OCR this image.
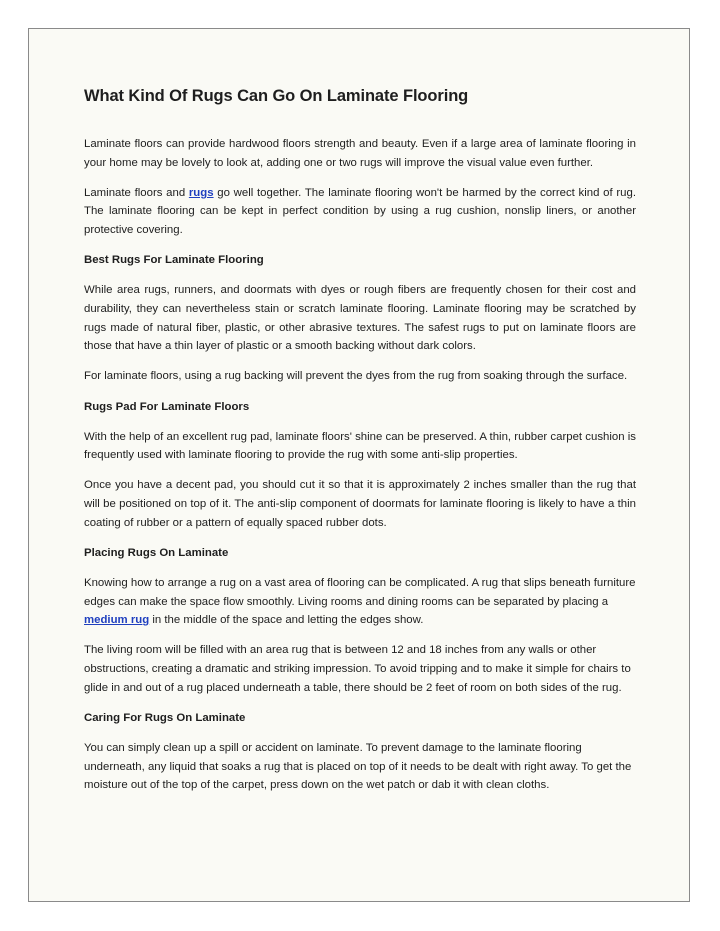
What Kind Of Rugs Can Go On Laminate Flooring

Laminate floors can provide hardwood floors strength and beauty. Even if a large area of laminate flooring in your home may be lovely to look at, adding one or two rugs will improve the visual value even further.

Laminate floors and rugs go well together. The laminate flooring won't be harmed by the correct kind of rug. The laminate flooring can be kept in perfect condition by using a rug cushion, nonslip liners, or another protective covering.

Best Rugs For Laminate Flooring

While area rugs, runners, and doormats with dyes or rough fibers are frequently chosen for their cost and durability, they can nevertheless stain or scratch laminate flooring. Laminate flooring may be scratched by rugs made of natural fiber, plastic, or other abrasive textures. The safest rugs to put on laminate floors are those that have a thin layer of plastic or a smooth backing without dark colors.

For laminate floors, using a rug backing will prevent the dyes from the rug from soaking through the surface.

Rugs Pad For Laminate Floors

With the help of an excellent rug pad, laminate floors' shine can be preserved. A thin, rubber carpet cushion is frequently used with laminate flooring to provide the rug with some anti-slip properties.

Once you have a decent pad, you should cut it so that it is approximately 2 inches smaller than the rug that will be positioned on top of it. The anti-slip component of doormats for laminate flooring is likely to have a thin coating of rubber or a pattern of equally spaced rubber dots.

Placing Rugs On Laminate

Knowing how to arrange a rug on a vast area of flooring can be complicated. A rug that slips beneath furniture edges can make the space flow smoothly. Living rooms and dining rooms can be separated by placing a medium rug in the middle of the space and letting the edges show.

The living room will be filled with an area rug that is between 12 and 18 inches from any walls or other obstructions, creating a dramatic and striking impression. To avoid tripping and to make it simple for chairs to glide in and out of a rug placed underneath a table, there should be 2 feet of room on both sides of the rug.

Caring For Rugs On Laminate

You can simply clean up a spill or accident on laminate. To prevent damage to the laminate flooring underneath, any liquid that soaks a rug that is placed on top of it needs to be dealt with right away. To get the moisture out of the top of the carpet, press down on the wet patch or dab it with clean cloths.
